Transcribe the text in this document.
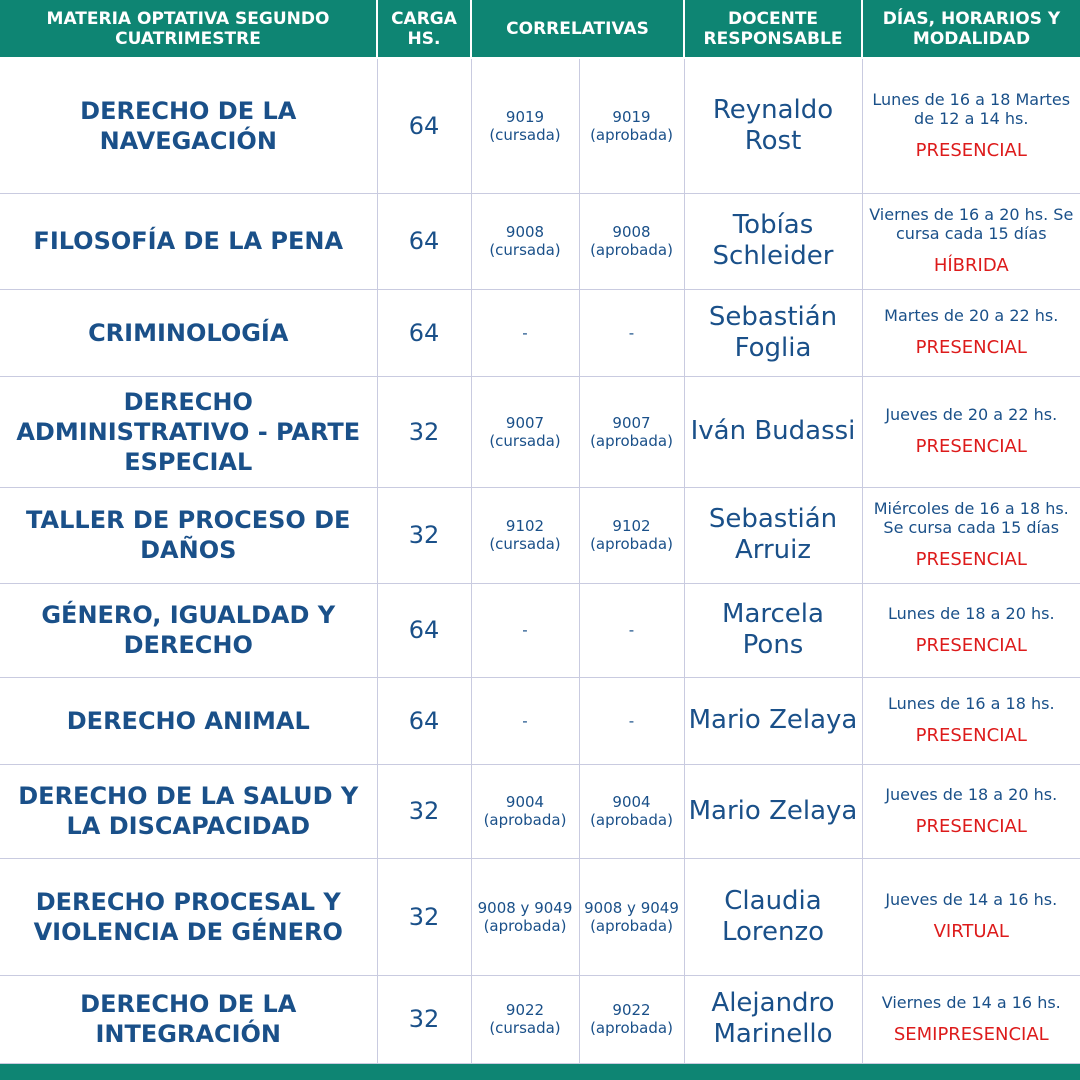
MATERIA OPTATIVA SEGUNDO CUATRIMESTRE	CARGA HS.	CORRELATIVAS		DOCENTE RESPONSABLE	DÍAS, HORARIOS Y MODALIDAD
DERECHO DE LA NAVEGACIÓN	64	9019 (cursada)	9019 (aprobada)	Reynaldo Rost	Lunes de 16 a 18 Martes de 12 a 14 hs.
PRESENCIAL

FILOSOFÍA DE LA PENA	64	9008 (cursada)	9008 (aprobada)	Tobías Schleider	Viernes de 16 a 20 hs. Se cursa cada 15 días
HÍBRIDA

CRIMINOLOGÍA	64	-	-	Sebastián Foglia	Martes de 20 a 22 hs.
PRESENCIAL

DERECHO ADMINISTRATIVO - PARTE ESPECIAL	32	9007 (cursada)	9007 (aprobada)	Iván Budassi	Jueves de 20 a 22 hs.
PRESENCIAL

TALLER DE PROCESO DE DAÑOS	32	9102 (cursada)	9102 (aprobada)	Sebastián Arruiz	Miércoles de 16 a 18 hs. Se cursa cada 15 días
PRESENCIAL

GÉNERO, IGUALDAD Y DERECHO	64	-	-	Marcela Pons	Lunes de 18 a 20 hs.
PRESENCIAL

DERECHO ANIMAL	64	-	-	Mario Zelaya	Lunes de 16 a 18 hs.
PRESENCIAL

DERECHO DE LA SALUD Y LA DISCAPACIDAD	32	9004 (aprobada)	9004 (aprobada)	Mario Zelaya	Jueves de 18 a 20 hs.
PRESENCIAL

DERECHO PROCESAL Y VIOLENCIA DE GÉNERO	32	9008 y 9049 (aprobada)	9008 y 9049 (aprobada)	Claudia Lorenzo	Jueves de 14 a 16 hs.
VIRTUAL

DERECHO DE LA INTEGRACIÓN	32	9022 (cursada)	9022 (aprobada)	Alejandro Marinello	Viernes de 14 a 16 hs.
SEMIPRESENCIAL
